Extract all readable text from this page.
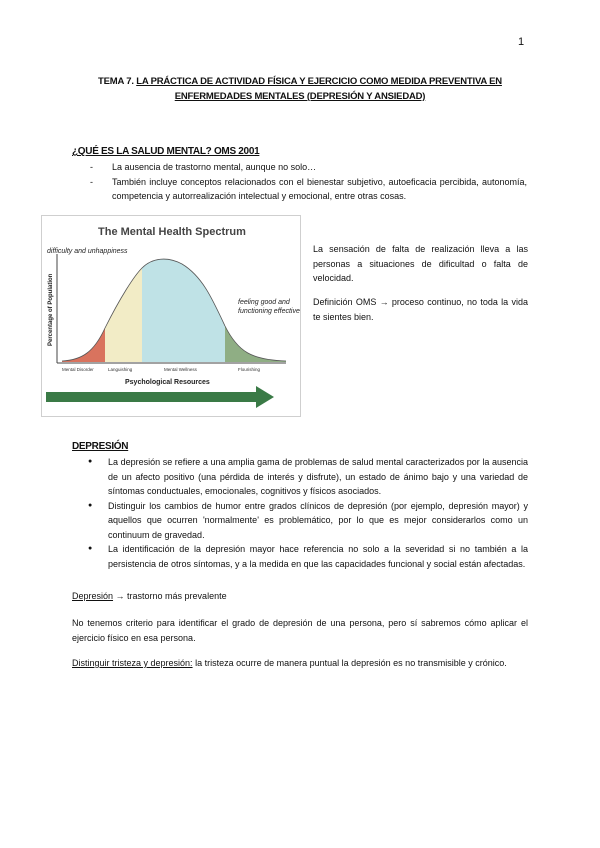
1
TEMA 7. LA PRÁCTICA DE ACTIVIDAD FÍSICA Y EJERCICIO COMO MEDIDA PREVENTIVA EN ENFERMEDADES MENTALES (DEPRESIÓN Y ANSIEDAD)
¿QUÉ ES LA SALUD MENTAL? OMS 2001
- La ausencia de trastorno mental, aunque no solo…
- También incluye conceptos relacionados con el bienestar subjetivo, autoeficacia percibida, autonomía, competencia y autorrealización intelectual y emocional, entre otras cosas.
The Mental Health Spectrum
difficulty and unhappiness
Percentage of Population	feeling good and functioning effectively
Mental Disorder	Languishing	Mental Wellness	Flourishing
Psychological Resources
La sensación de falta de realización lleva a las personas a situaciones de dificultad o falta de velocidad.
Definición OMS → proceso continuo, no toda la vida te sientes bien.
DEPRESIÓN
● La depresión se refiere a una amplia gama de problemas de salud mental caracterizados por la ausencia de un afecto positivo (una pérdida de interés y disfrute), un estado de ánimo bajo y una variedad de síntomas conductuales, emocionales, cognitivos y físicos asociados.
● Distinguir los cambios de humor entre grados clínicos de depresión (por ejemplo, depresión mayor) y aquellos que ocurren 'normalmente' es problemático, por lo que es mejor considerarlos como un continuum de gravedad.
● La identificación de la depresión mayor hace referencia no solo a la severidad si no también a la persistencia de otros síntomas, y a la medida en que las capacidades funcional y social están afectadas.
Depresión → trastorno más prevalente
No tenemos criterio para identificar el grado de depresión de una persona, pero sí sabremos cómo aplicar el ejercicio físico en esa persona.
Distinguir tristeza y depresión: la tristeza ocurre de manera puntual la depresión es no transmisible y crónico.
